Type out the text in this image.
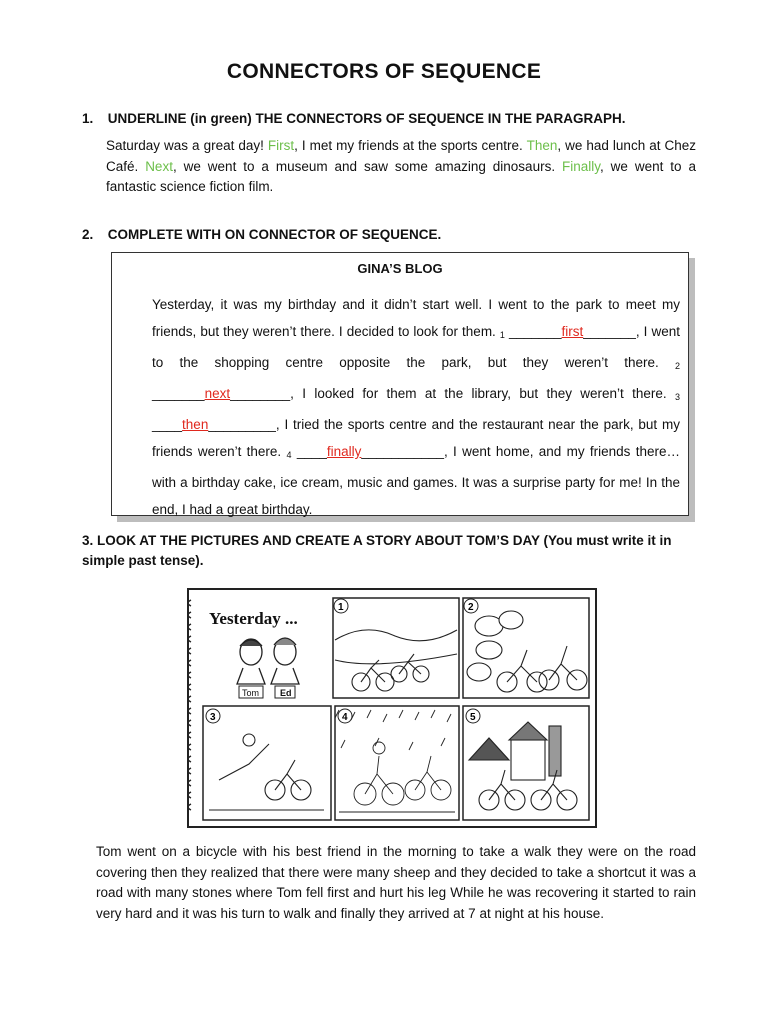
CONNECTORS OF SEQUENCE
1. UNDERLINE (in green) THE CONNECTORS OF SEQUENCE IN THE PARAGRAPH.
Saturday was a great day! First, I met my friends at the sports centre. Then, we had lunch at Chez Café. Next, we went to a museum and saw some amazing dinosaurs. Finally, we went to a fantastic science fiction film.
2. COMPLETE WITH ON CONNECTOR OF SEQUENCE.
GINA’S BLOG
Yesterday, it was my birthday and it didn’t start well. I went to the park to meet my friends, but they weren’t there. I decided to look for them. $_1$ _______first_______, I went to the shopping centre opposite the park, but they weren’t there. $_2$ _______next________, I looked for them at the library, but they weren’t there. $_3$ ____then_________, I tried the sports centre and the restaurant near the park, but my friends weren’t there. $_4$ ____finally___________, I went home, and my friends there… with a birthday cake, ice cream, music and games. It was a surprise party for me! In the end, I had a great birthday.
3. LOOK AT THE PICTURES AND CREATE A STORY ABOUT TOM’S DAY (You must write it in simple past tense).
Yesterday ...
Tom Ed
1	2
3	4	5
Tom went on a bicycle with his best friend in the morning to take a walk they were on the road covering then they realized that there were many sheep and they decided to take a shortcut it was a road with many stones where Tom fell first and hurt his leg While he was recovering it started to rain very hard and it was his turn to walk and finally they arrived at 7 at night at his house.
